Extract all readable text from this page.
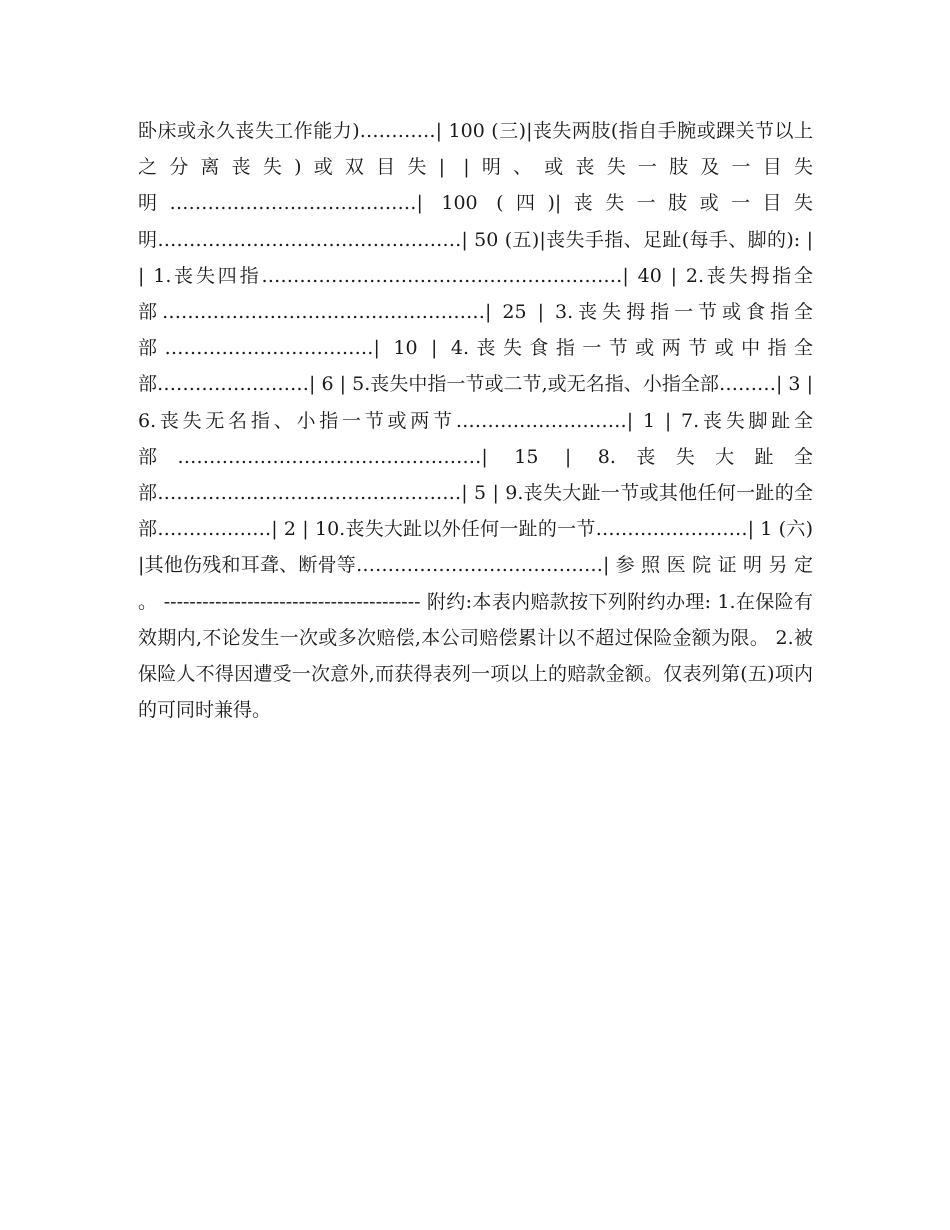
卧床或永久丧失工作能力)…………| 100 (三)|丧失两肢(指自手腕或踝关节以上之分离丧失)或双目失| |明、或丧失一肢及一目失明…………………………………| 100 (四)|丧失一肢或一目失明…………………………………………| 50 (五)|丧失手指、足趾(每手、脚的): | | 1.丧失四指…………………………………………………| 40 | 2.丧失拇指全部……………………………………………| 25 | 3.丧失拇指一节或食指全部……………………………| 10 | 4.丧失食指一节或两节或中指全部……………………| 6 | 5.丧失中指一节或二节,或无名指、小指全部………| 3 | 6.丧失无名指、小指一节或两节………………………| 1 | 7.丧失脚趾全部…………………………………………| 15 | 8.丧失大趾全部…………………………………………| 5 | 9.丧失大趾一节或其他任何一趾的全部………………| 2 | 10.丧失大趾以外任何一趾的一节……………………| 1 (六)|其他伤残和耳聋、断骨等…………………………………| 参 照 医 院 证 明 另 定 。 ---------------------------------------- 附约:本表内赔款按下列附约办理: 1.在保险有效期内,不论发生一次或多次赔偿,本公司赔偿累计以不超过保险金额为限。 2.被保险人不得因遭受一次意外,而获得表列一项以上的赔款金额。仅表列第(五)项内的可同时兼得。
